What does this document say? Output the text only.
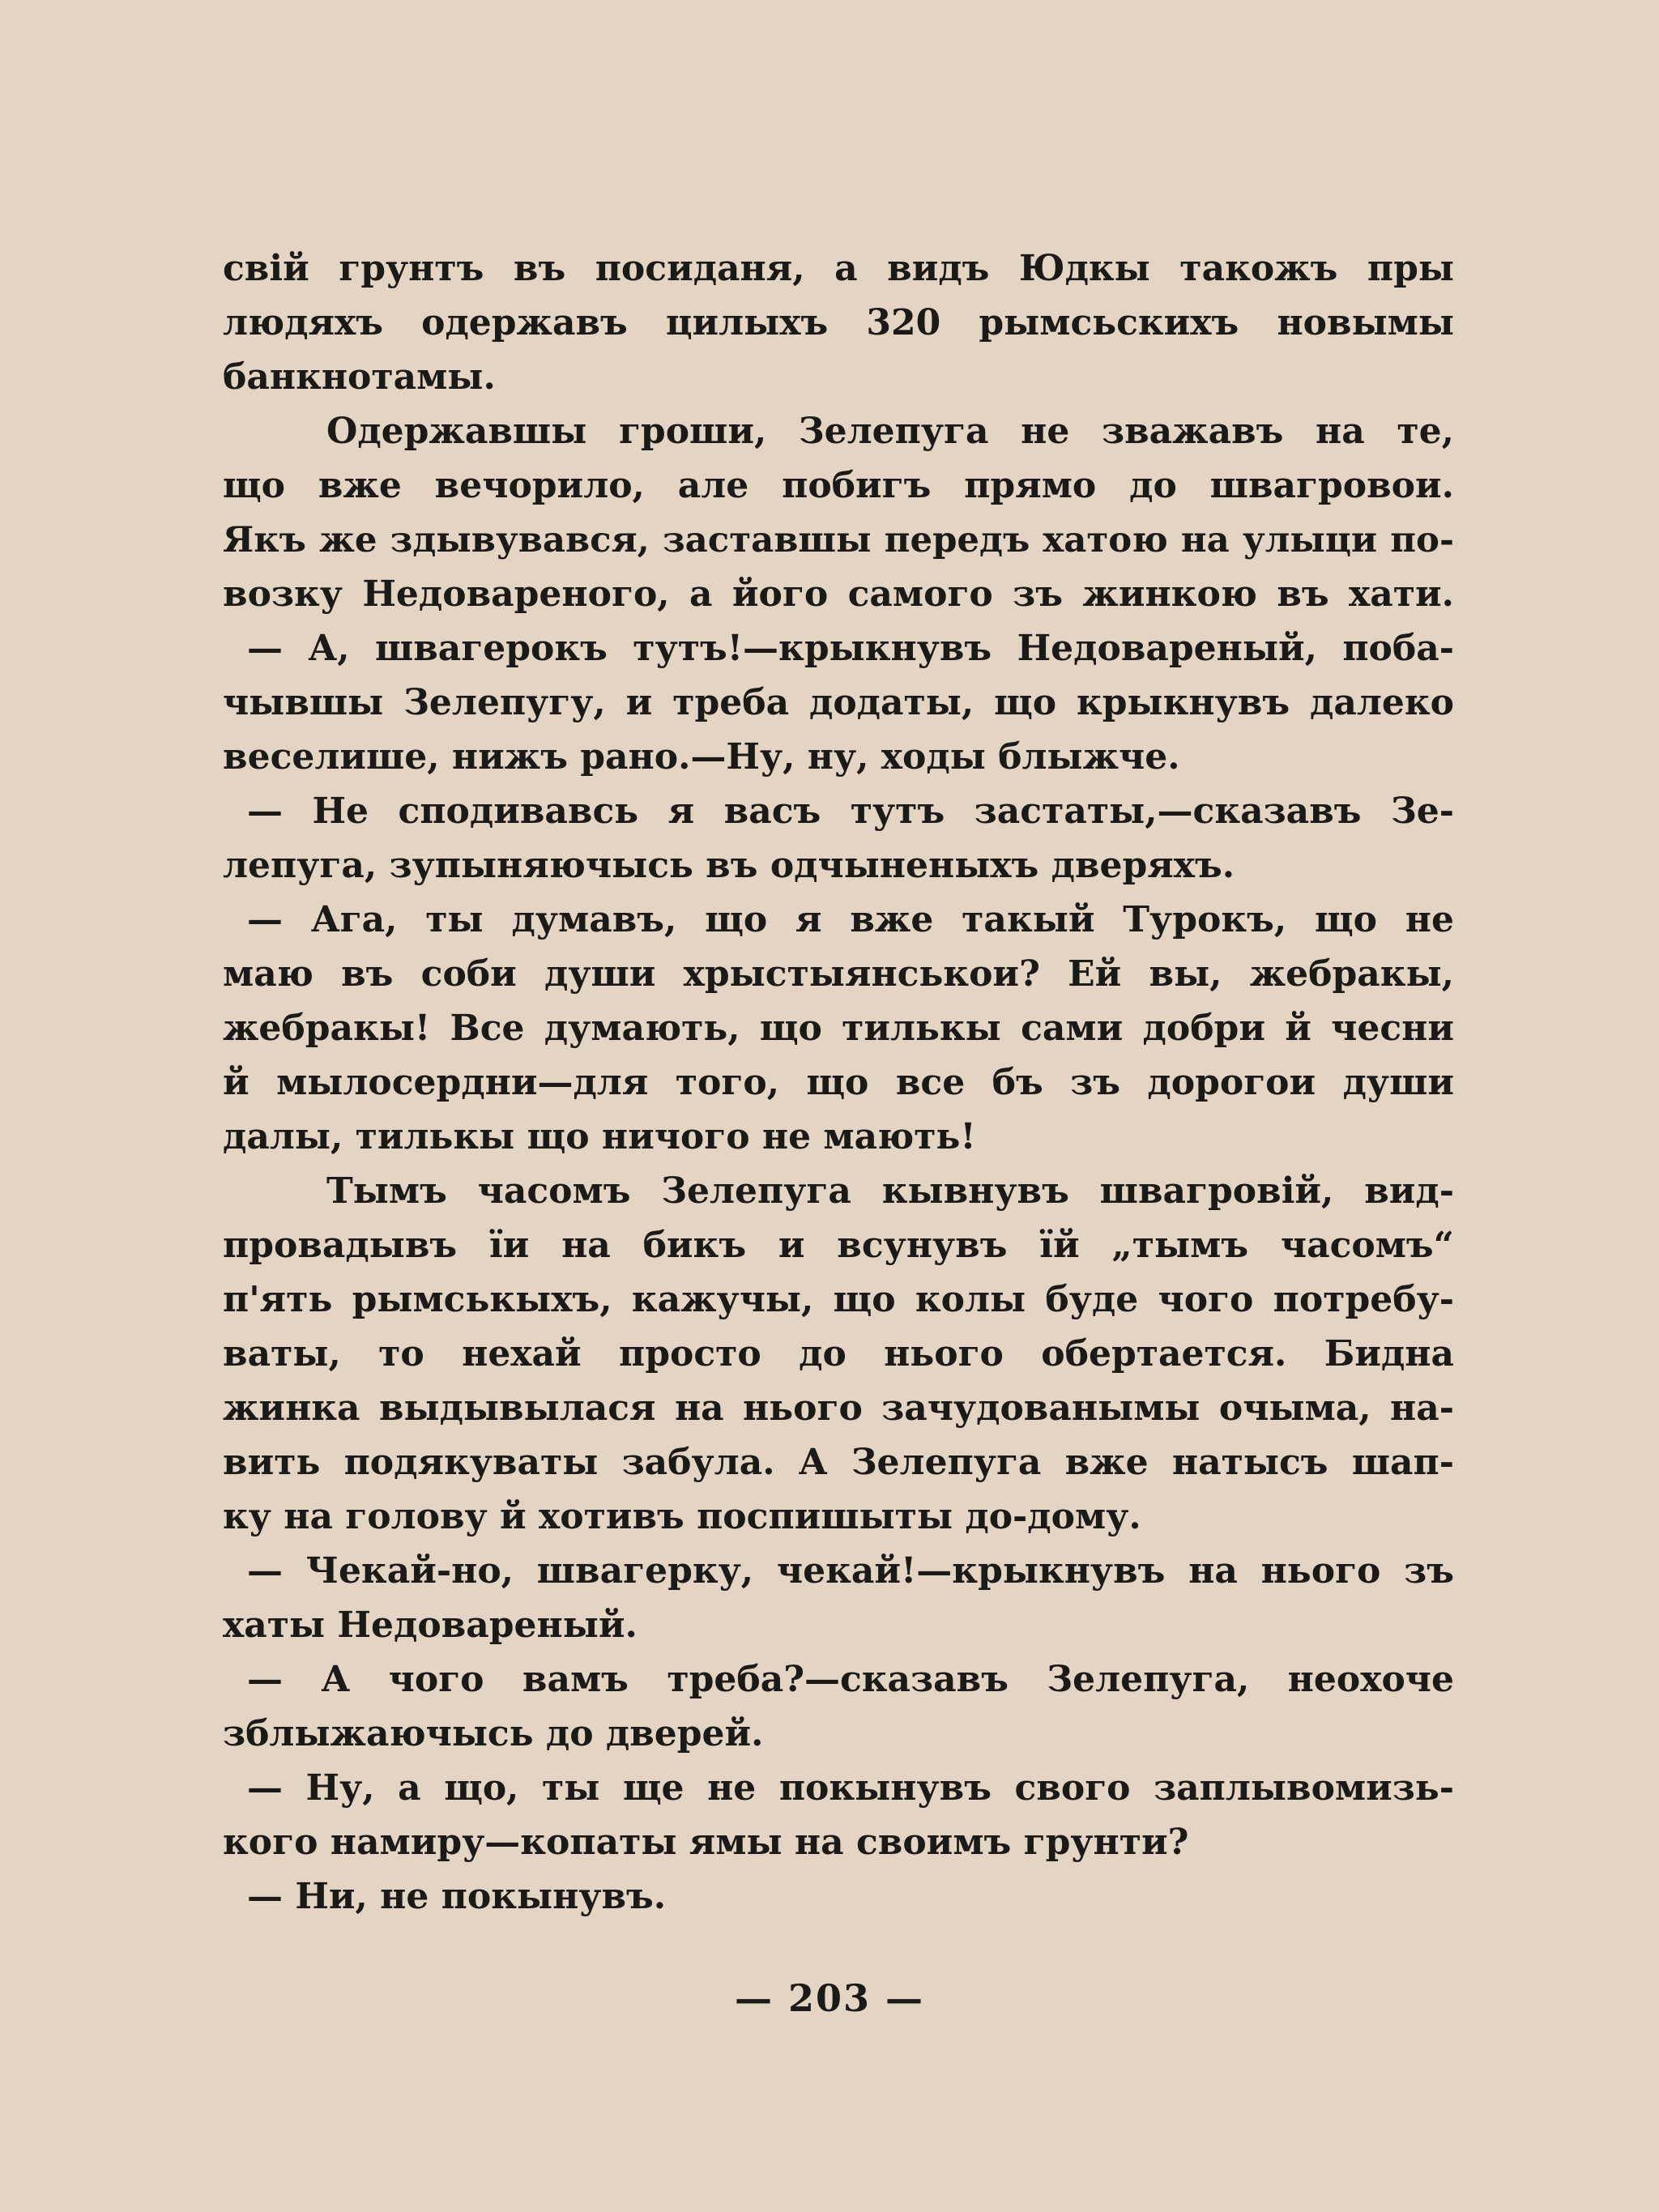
свій грунтъ въ посиданя, а видъ Юдкы такожъ пры
людяхъ одержавъ цилыхъ 320 рымсьскихъ новымы
банкнотамы.
Одержавшы гроши, Зелепуга не зважавъ на те,
що вже вечорило, але побигъ прямо до швагровои.
Якъ же здывувався, заставшы передъ хатою на улыци по-
возку Недовареного, а його самого зъ жинкою въ хати.
— А, швагерокъ тутъ!—крыкнувъ Недовареный, поба-
чывшы Зелепугу, и треба додаты, що крыкнувъ далеко
веселише, нижъ рано.—Ну, ну, ходы блыжче.
— Не сподивавсь я васъ тутъ застаты,—сказавъ Зе-
лепуга, зупыняючысь въ одчыненыхъ дверяхъ.
— Ага, ты думавъ, що я вже такый Турокъ, що не
маю въ соби души хрыстыянськои? Ей вы, жебракы,
жебракы! Все думають, що тилькы сами добри й чесни
й мылосердни—для того, що все бъ зъ дорогои души
далы, тилькы що ничого не мають!
Тымъ часомъ Зелепуга кывнувъ швагровій, вид-
провадывъ їи на бикъ и всунувъ їй „тымъ часомъ“
п'ять рымськыхъ, кажучы, що колы буде чого потребу-
ваты, то нехай просто до нього обертается. Бидна
жинка выдывылася на нього зачудованымы очыма, на-
вить подякуваты забула. А Зелепуга вже натысъ шап-
ку на голову й хотивъ поспишыты до-дому.
— Чекай-но, швагерку, чекай!—крыкнувъ на нього зъ
хаты Недовареный.
— А чого вамъ треба?—сказавъ Зелепуга, неохоче
зблыжаючысь до дверей.
— Ну, а що, ты ще не покынувъ свого заплывомизь-
кого намиру—копаты ямы на своимъ грунти?
— Ни, не покынувъ.
— 203 —
